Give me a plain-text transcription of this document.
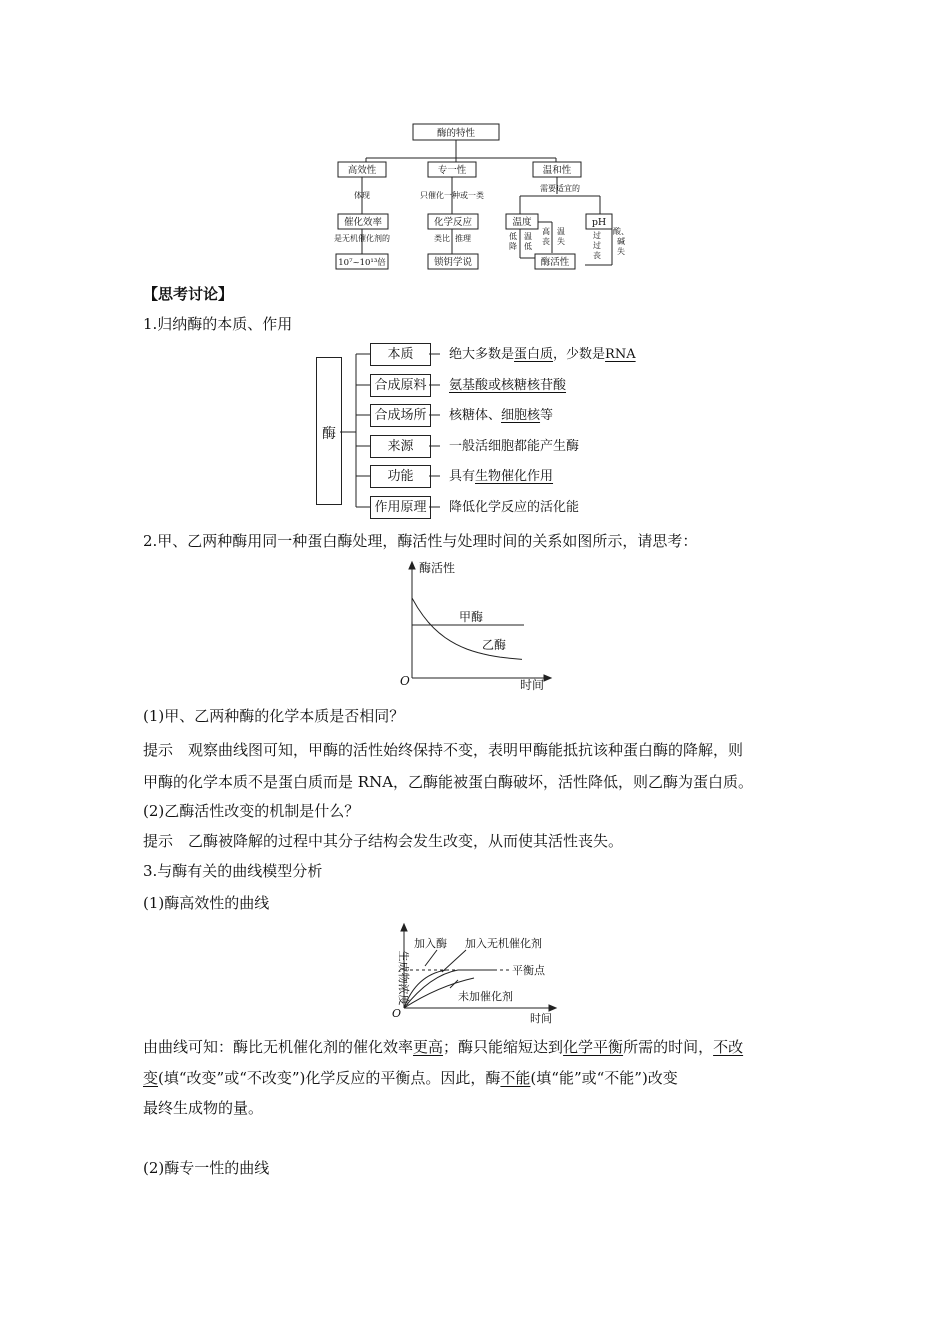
酶的特性
高效性	专一性	温和性
体现	只催化一种或一类
需要适宜的
催化效率	化学反应	温度	pH
是无机催化剂的	类比 推理	低
降
温
低
高
丧
温
失
过
过
丧
酸、
碱
失
10⁷~10¹³倍	锁钥学说	酶活性
【思考讨论】
1.归纳酶的本质、作用
酶
本质	绝大多数是蛋白质，少数是RNA
合成原料	氨基酸或核糖核苷酸
合成场所	核糖体、细胞核等
来源	一般活细胞都能产生酶
功能	具有生物催化作用
作用原理	降低化学反应的活化能
2.甲、乙两种酶用同一种蛋白酶处理，酶活性与处理时间的关系如图所示，请思考：
酶活性
时间
O
甲酶
乙酶
(1)甲、乙两种酶的化学本质是否相同？
提示　观察曲线图可知，甲酶的活性始终保持不变，表明甲酶能抵抗该种蛋白酶的降解，则
甲酶的化学本质不是蛋白质而是 RNA，乙酶能被蛋白酶破坏，活性降低，则乙酶为蛋白质。
(2)乙酶活性改变的机制是什么？
提示　乙酶被降解的过程中其分子结构会发生改变，从而使其活性丧失。
3.与酶有关的曲线模型分析
(1)酶高效性的曲线
生成物浓度
时间
O
加入酶 加入无机催化剂
平衡点
未加催化剂
由曲线可知：酶比无机催化剂的催化效率更高；酶只能缩短达到化学平衡所需的时间，不改
变(填“改变”或“不改变”)化学反应的平衡点。因此，酶不能(填“能”或“不能”)改变
最终生成物的量。
(2)酶专一性的曲线
